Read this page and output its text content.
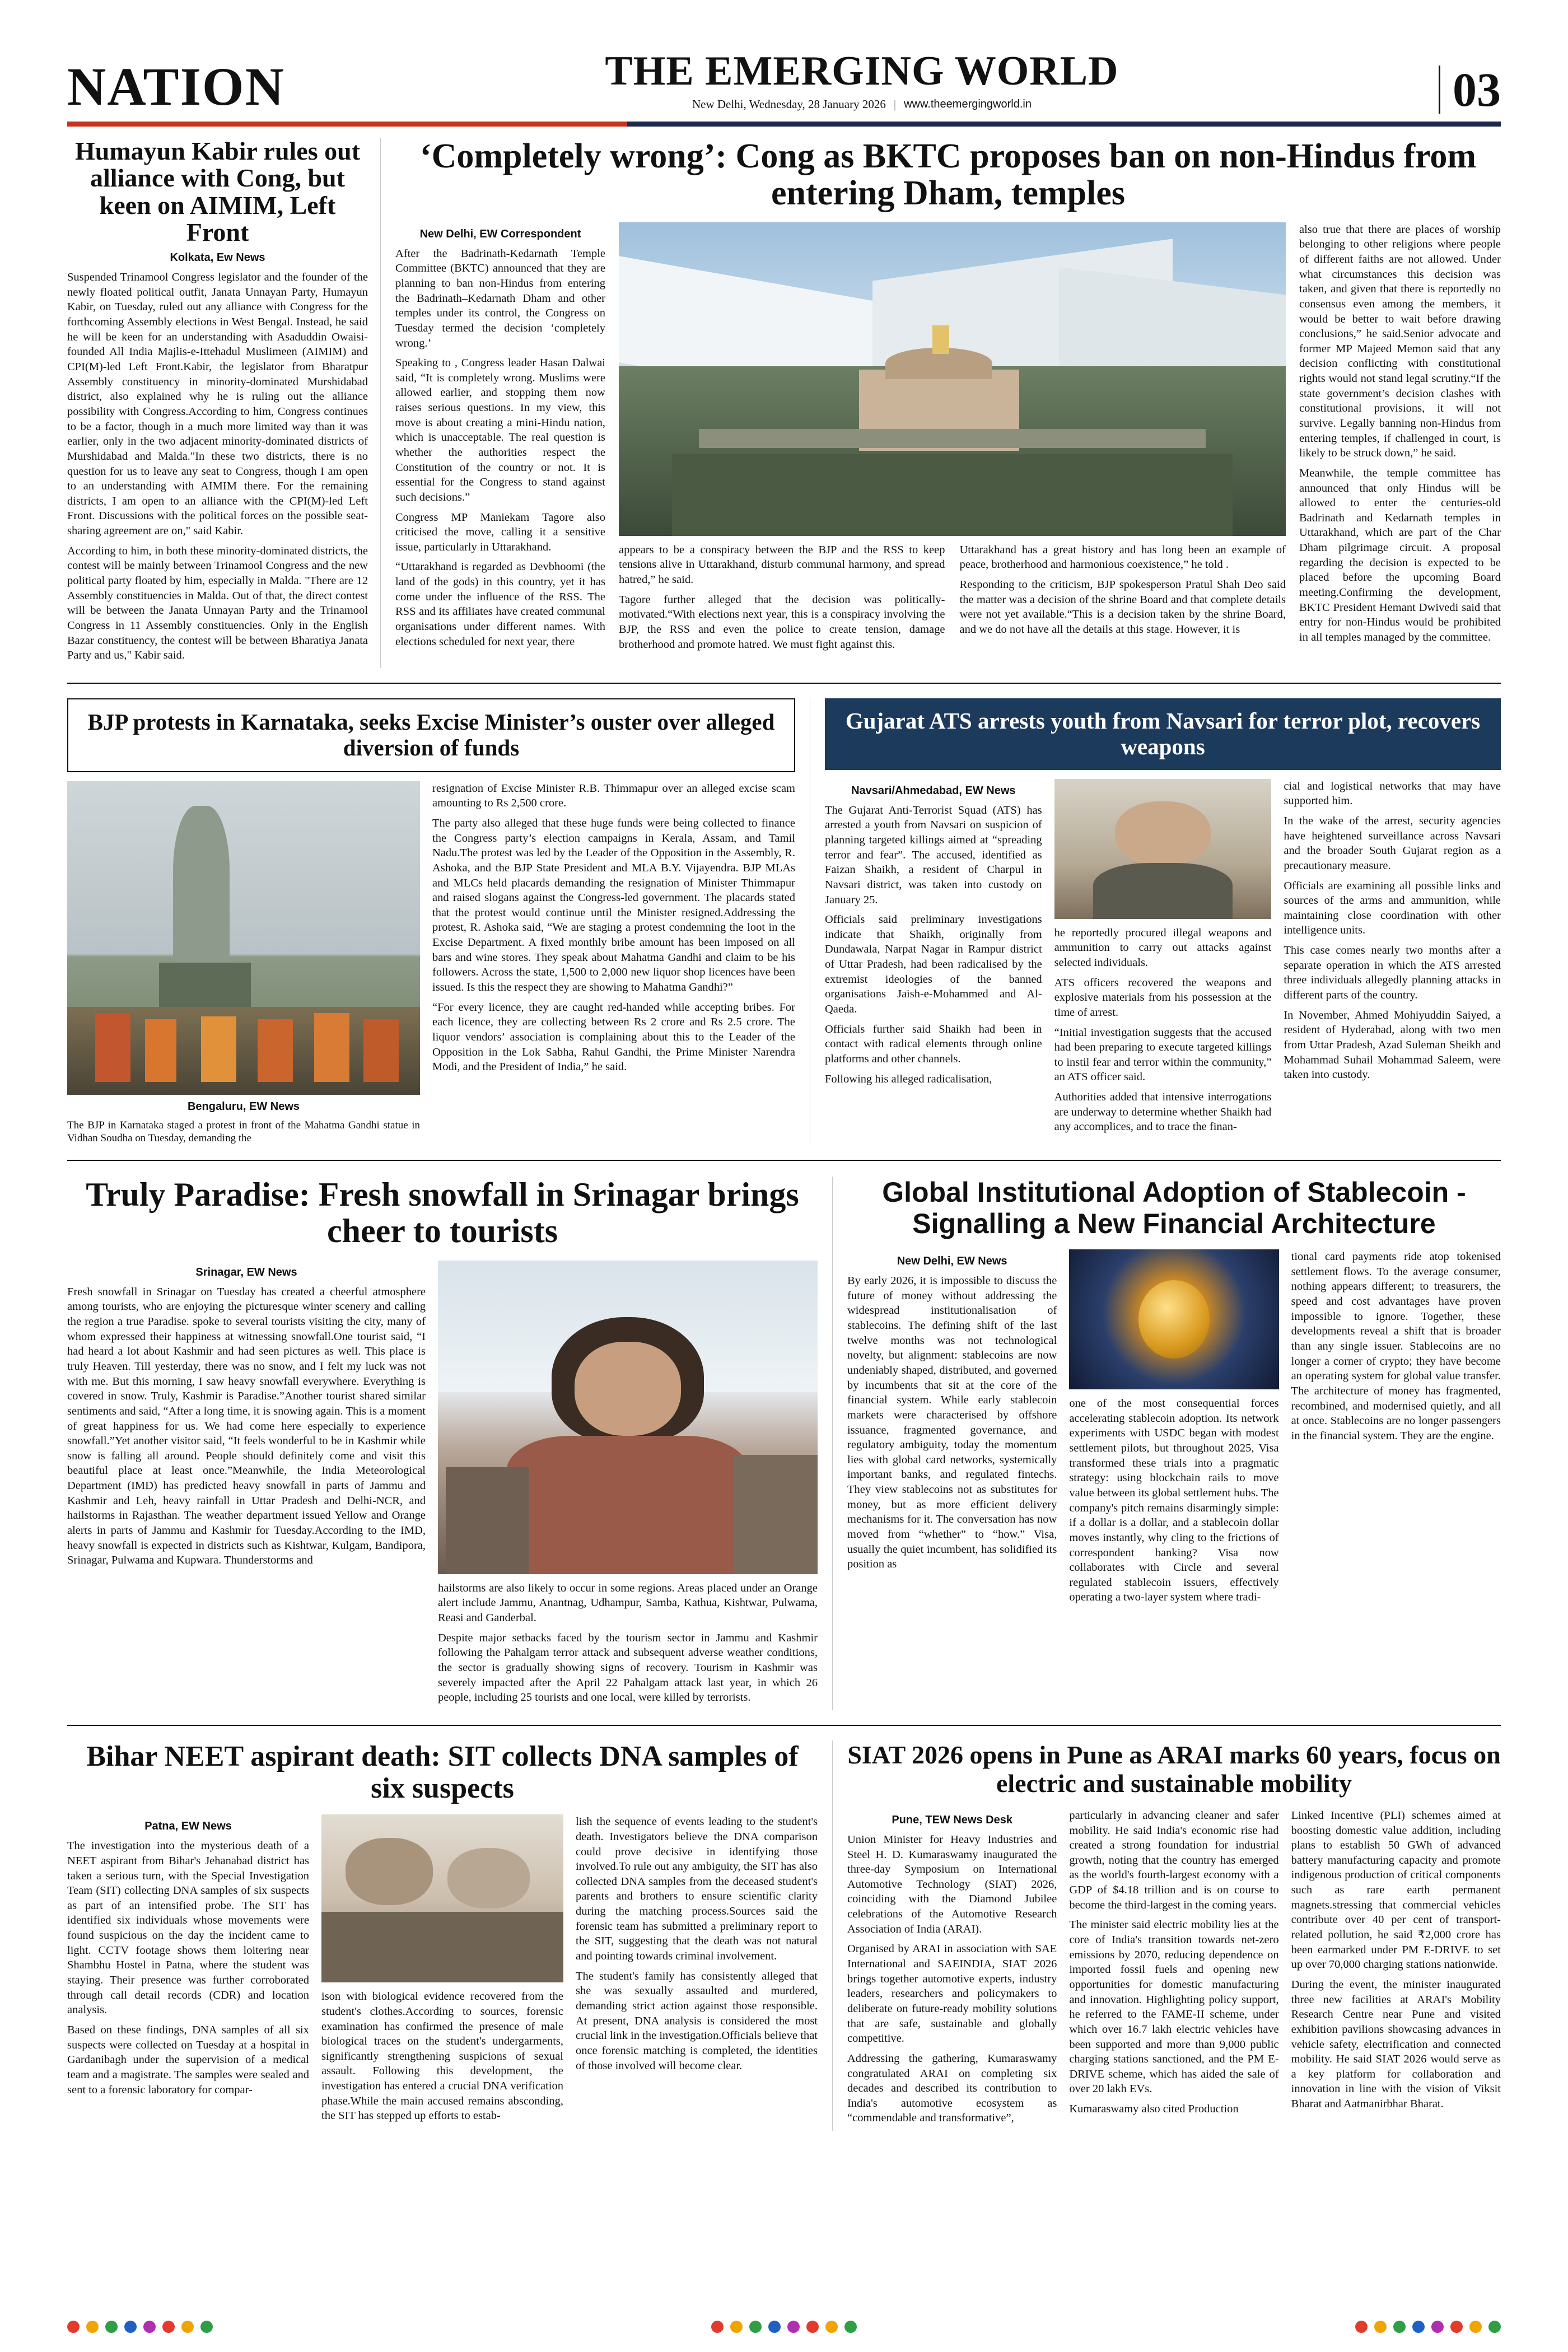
NATION	THE EMERGING WORLD
New Delhi, Wednesday, 28 January 2026 | www.theemergingworld.in	03
Humayun Kabir rules out alliance with Cong, but keen on AIMIM, Left Front
Kolkata, Ew News

Suspended Trinamool Congress legislator and the founder of the newly floated political outfit, Janata Unnayan Party, Humayun Kabir, on Tuesday, ruled out any alliance with Congress for the forthcoming Assembly elections in West Bengal. Instead, he said he will be keen for an understanding with Asaduddin Owaisi-founded All India Majlis-e-Ittehadul Muslimeen (AIMIM) and CPI(M)-led Left Front.Kabir, the legislator from Bharatpur Assembly constituency in minority-dominated Murshidabad district, also explained why he is ruling out the alliance possibility with Congress.According to him, Congress continues to be a factor, though in a much more limited way than it was earlier, only in the two adjacent minority-dominated districts of Murshidabad and Malda."In these two districts, there is no question for us to leave any seat to Congress, though I am open to an understanding with AIMIM there. For the remaining districts, I am open to an alliance with the CPI(M)-led Left Front. Discussions with the political forces on the possible seat-sharing agreement are on," said Kabir.

According to him, in both these minority-dominated districts, the contest will be mainly between Trinamool Congress and the new political party floated by him, especially in Malda. "There are 12 Assembly constituencies in Malda. Out of that, the direct contest will be between the Janata Unnayan Party and the Trinamool Congress in 11 Assembly constituencies. Only in the English Bazar constituency, the contest will be between Bharatiya Janata Party and us," Kabir said.

‘Completely wrong’: Cong as BKTC proposes ban on non-Hindus from entering Dham, temples
New Delhi, EW Correspondent

After the Badrinath-Kedarnath Temple Committee (BKTC) announced that they are planning to ban non-Hindus from entering the Badrinath–Kedarnath Dham and other temples under its control, the Congress on Tuesday termed the decision ‘completely wrong.’

Speaking to , Congress leader Hasan Dalwai said, “It is completely wrong. Muslims were allowed earlier, and stopping them now raises serious questions. In my view, this move is about creating a mini-Hindu nation, which is unacceptable. The real question is whether the authorities respect the Constitution of the country or not. It is essential for the Congress to stand against such decisions.”

Congress MP Maniekam Tagore also criticised the move, calling it a sensitive issue, particularly in Uttarakhand.

“Uttarakhand is regarded as Devbhoomi (the land of the gods) in this country, yet it has come under the influence of the RSS. The RSS and its affiliates have created communal organisations under different names. With elections scheduled for next year, there

appears to be a conspiracy between the BJP and the RSS to keep tensions alive in Uttarakhand, disturb communal harmony, and spread hatred,” he said.

Tagore further alleged that the decision was politically-motivated.“With elections next year, this is a conspiracy involving the BJP, the RSS and even the police to create tension, damage brotherhood and promote hatred. We must fight against this.

Uttarakhand has a great history and has long been an example of peace, brotherhood and harmonious coexistence,” he told .

Responding to the criticism, BJP spokesperson Pratul Shah Deo said the matter was a decision of the shrine Board and that complete details were not yet available.“This is a decision taken by the shrine Board, and we do not have all the details at this stage. However, it is

also true that there are places of worship belonging to other religions where people of different faiths are not allowed. Under what circumstances this decision was taken, and given that there is reportedly no consensus even among the members, it would be better to wait before drawing conclusions,” he said.Senior advocate and former MP Majeed Memon said that any decision conflicting with constitutional rights would not stand legal scrutiny.“If the state government’s decision clashes with constitutional provisions, it will not survive. Legally banning non-Hindus from entering temples, if challenged in court, is likely to be struck down,” he said.

Meanwhile, the temple committee has announced that only Hindus will be allowed to enter the centuries-old Badrinath and Kedarnath temples in Uttarakhand, which are part of the Char Dham pilgrimage circuit. A proposal regarding the decision is expected to be placed before the upcoming Board meeting.Confirming the development, BKTC President Hemant Dwivedi said that entry for non-Hindus would be prohibited in all temples managed by the committee.

BJP protests in Karnataka, seeks Excise Minister’s ouster over alleged diversion of funds
Bengaluru, EW News
The BJP in Karnataka staged a protest in front of the Mahatma Gandhi statue in Vidhan Soudha on Tuesday, demanding the

resignation of Excise Minister R.B. Thimmapur over an alleged excise scam amounting to Rs 2,500 crore.

The party also alleged that these huge funds were being collected to finance the Congress party’s election campaigns in Kerala, Assam, and Tamil Nadu.The protest was led by the Leader of the Opposition in the Assembly, R. Ashoka, and the BJP State President and MLA B.Y. Vijayendra. BJP MLAs and MLCs held placards demanding the resignation of Minister Thimmapur and raised slogans against the Congress-led government. The placards stated that the protest would continue until the Minister resigned.Addressing the protest, R. Ashoka said, “We are staging a protest condemning the loot in the Excise Department. A fixed monthly bribe amount has been imposed on all bars and wine stores. They speak about Mahatma Gandhi and claim to be his followers. Across the state, 1,500 to 2,000 new liquor shop licences have been issued. Is this the respect they are showing to Mahatma Gandhi?”

“For every licence, they are caught red-handed while accepting bribes. For each licence, they are collecting between Rs 2 crore and Rs 2.5 crore. The liquor vendors’ association is complaining about this to the Leader of the Opposition in the Lok Sabha, Rahul Gandhi, the Prime Minister Narendra Modi, and the President of India,” he said.

Gujarat ATS arrests youth from Navsari for terror plot, recovers weapons
Navsari/Ahmedabad, EW News

The Gujarat Anti-Terrorist Squad (ATS) has arrested a youth from Navsari on suspicion of planning targeted killings aimed at “spreading terror and fear”. The accused, identified as Faizan Shaikh, a resident of Charpul in Navsari district, was taken into custody on January 25.

Officials said preliminary investigations indicate that Shaikh, originally from Dundawala, Narpat Nagar in Rampur district of Uttar Pradesh, had been radicalised by the extremist ideologies of the banned organisations Jaish-e-Mohammed and Al-Qaeda.

Officials further said Shaikh had been in contact with radical elements through online platforms and other channels.

Following his alleged radicalisation,

he reportedly procured illegal weapons and ammunition to carry out attacks against selected individuals.

ATS officers recovered the weapons and explosive materials from his possession at the time of arrest.

“Initial investigation suggests that the accused had been preparing to execute targeted killings to instil fear and terror within the community,” an ATS officer said.

Authorities added that intensive interrogations are underway to determine whether Shaikh had any accomplices, and to trace the finan-

cial and logistical networks that may have supported him.

In the wake of the arrest, security agencies have heightened surveillance across Navsari and the broader South Gujarat region as a precautionary measure.

Officials are examining all possible links and sources of the arms and ammunition, while maintaining close coordination with other intelligence units.

This case comes nearly two months after a separate operation in which the ATS arrested three individuals allegedly planning attacks in different parts of the country.

In November, Ahmed Mohiyuddin Saiyed, a resident of Hyderabad, along with two men from Uttar Pradesh, Azad Suleman Sheikh and Mohammad Suhail Mohammad Saleem, were taken into custody.

Truly Paradise: Fresh snowfall in Srinagar brings cheer to tourists
Srinagar, EW News

Fresh snowfall in Srinagar on Tuesday has created a cheerful atmosphere among tourists, who are enjoying the picturesque winter scenery and calling the region a true Paradise. spoke to several tourists visiting the city, many of whom expressed their happiness at witnessing snowfall.One tourist said, “I had heard a lot about Kashmir and had seen pictures as well. This place is truly Heaven. Till yesterday, there was no snow, and I felt my luck was not with me. But this morning, I saw heavy snowfall everywhere. Everything is covered in snow. Truly, Kashmir is Paradise.”Another tourist shared similar sentiments and said, “After a long time, it is snowing again. This is a moment of great happiness for us. We had come here especially to experience snowfall.”Yet another visitor said, “It feels wonderful to be in Kashmir while snow is falling all around. People should definitely come and visit this beautiful place at least once.”Meanwhile, the India Meteorological Department (IMD) has predicted heavy snowfall in parts of Jammu and Kashmir and Leh, heavy rainfall in Uttar Pradesh and Delhi-NCR, and hailstorms in Rajasthan. The weather department issued Yellow and Orange alerts in parts of Jammu and Kashmir for Tuesday.According to the IMD, heavy snowfall is expected in districts such as Kishtwar, Kulgam, Bandipora, Srinagar, Pulwama and Kupwara. Thunderstorms and

hailstorms are also likely to occur in some regions. Areas placed under an Orange alert include Jammu, Anantnag, Udhampur, Samba, Kathua, Kishtwar, Pulwama, Reasi and Ganderbal.

Despite major setbacks faced by the tourism sector in Jammu and Kashmir following the Pahalgam terror attack and subsequent adverse weather conditions, the sector is gradually showing signs of recovery. Tourism in Kashmir was severely impacted after the April 22 Pahalgam attack last year, in which 26 people, including 25 tourists and one local, were killed by terrorists.

Global Institutional Adoption of Stablecoin - Signalling a New Financial Architecture
New Delhi, EW News

By early 2026, it is impossible to discuss the future of money without addressing the widespread institutionalisation of stablecoins. The defining shift of the last twelve months was not technological novelty, but alignment: stablecoins are now undeniably shaped, distributed, and governed by incumbents that sit at the core of the financial system. While early stablecoin markets were characterised by offshore issuance, fragmented governance, and regulatory ambiguity, today the momentum lies with global card networks, systemically important banks, and regulated fintechs. They view stablecoins not as substitutes for money, but as more efficient delivery mechanisms for it. The conversation has now moved from “whether” to “how.” Visa, usually the quiet incumbent, has solidified its position as

one of the most consequential forces accelerating stablecoin adoption. Its network experiments with USDC began with modest settlement pilots, but throughout 2025, Visa transformed these trials into a pragmatic strategy: using blockchain rails to move value between its global settlement hubs. The company's pitch remains disarmingly simple: if a dollar is a dollar, and a stablecoin dollar moves instantly, why cling to the frictions of correspondent banking? Visa now collaborates with Circle and several regulated stablecoin issuers, effectively operating a two-layer system where tradi-

tional card payments ride atop tokenised settlement flows. To the average consumer, nothing appears different; to treasurers, the speed and cost advantages have proven impossible to ignore. Together, these developments reveal a shift that is broader than any single issuer. Stablecoins are no longer a corner of crypto; they have become an operating system for global value transfer. The architecture of money has fragmented, recombined, and modernised quietly, and all at once. Stablecoins are no longer passengers in the financial system. They are the engine.

Bihar NEET aspirant death: SIT collects DNA samples of six suspects
Patna, EW News

The investigation into the mysterious death of a NEET aspirant from Bihar's Jehanabad district has taken a serious turn, with the Special Investigation Team (SIT) collecting DNA samples of six suspects as part of an intensified probe. The SIT has identified six individuals whose movements were found suspicious on the day the incident came to light. CCTV footage shows them loitering near Shambhu Hostel in Patna, where the student was staying. Their presence was further corroborated through call detail records (CDR) and location analysis.

Based on these findings, DNA samples of all six suspects were collected on Tuesday at a hospital in Gardanibagh under the supervision of a medical team and a magistrate. The samples were sealed and sent to a forensic laboratory for compar-

ison with biological evidence recovered from the student's clothes.According to sources, forensic examination has confirmed the presence of male biological traces on the student's undergarments, significantly strengthening suspicions of sexual assault. Following this development, the investigation has entered a crucial DNA verification phase.While the main accused remains absconding, the SIT has stepped up efforts to estab-

lish the sequence of events leading to the student's death. Investigators believe the DNA comparison could prove decisive in identifying those involved.To rule out any ambiguity, the SIT has also collected DNA samples from the deceased student's parents and brothers to ensure scientific clarity during the matching process.Sources said the forensic team has submitted a preliminary report to the SIT, suggesting that the death was not natural and pointing towards criminal involvement.

The student's family has consistently alleged that she was sexually assaulted and murdered, demanding strict action against those responsible. At present, DNA analysis is considered the most crucial link in the investigation.Officials believe that once forensic matching is completed, the identities of those involved will become clear.

SIAT 2026 opens in Pune as ARAI marks 60 years, focus on electric and sustainable mobility
Pune, TEW News Desk

Union Minister for Heavy Industries and Steel H. D. Kumaraswamy inaugurated the three-day Symposium on International Automotive Technology (SIAT) 2026, coinciding with the Diamond Jubilee celebrations of the Automotive Research Association of India (ARAI).

Organised by ARAI in association with SAE International and SAEINDIA, SIAT 2026 brings together automotive experts, industry leaders, researchers and policymakers to deliberate on future-ready mobility solutions that are safe, sustainable and globally competitive.

Addressing the gathering, Kumaraswamy congratulated ARAI on completing six decades and described its contribution to India's automotive ecosystem as “commendable and transformative”,

particularly in advancing cleaner and safer mobility. He said India's economic rise had created a strong foundation for industrial growth, noting that the country has emerged as the world's fourth-largest economy with a GDP of $4.18 trillion and is on course to become the third-largest in the coming years.

The minister said electric mobility lies at the core of India's transition towards net-zero emissions by 2070, reducing dependence on imported fossil fuels and opening new opportunities for domestic manufacturing and innovation. Highlighting policy support, he referred to the FAME-II scheme, under which over 16.7 lakh electric vehicles have been supported and more than 9,000 public charging stations sanctioned, and the PM E-DRIVE scheme, which has aided the sale of over 20 lakh EVs.

Kumaraswamy also cited Production

Linked Incentive (PLI) schemes aimed at boosting domestic value addition, including plans to establish 50 GWh of advanced battery manufacturing capacity and promote indigenous production of critical components such as rare earth permanent magnets.stressing that commercial vehicles contribute over 40 per cent of transport-related pollution, he said ₹2,000 crore has been earmarked under PM E-DRIVE to set up over 70,000 charging stations nationwide.

During the event, the minister inaugurated three new facilities at ARAI's Mobility Research Centre near Pune and visited exhibition pavilions showcasing advances in vehicle safety, electrification and connected mobility. He said SIAT 2026 would serve as a key platform for collaboration and innovation in line with the vision of Viksit Bharat and Aatmanirbhar Bharat.
